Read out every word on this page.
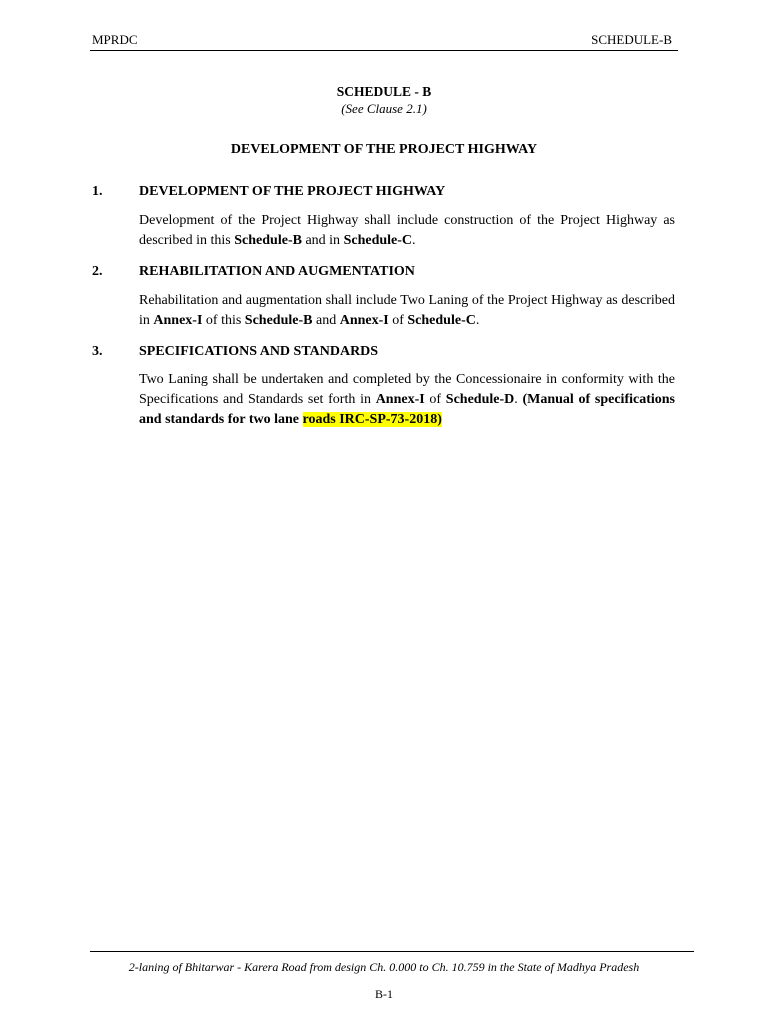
MPRDC	SCHEDULE-B
SCHEDULE - B
(See Clause 2.1)
DEVELOPMENT OF THE PROJECT HIGHWAY
1.	DEVELOPMENT OF THE PROJECT HIGHWAY
Development of the Project Highway shall include construction of the Project Highway as described in this Schedule-B and in Schedule-C.
2.	REHABILITATION AND AUGMENTATION
Rehabilitation and augmentation shall include Two Laning of the Project Highway as described in Annex-I of this Schedule-B and Annex-I of Schedule-C.
3.	SPECIFICATIONS AND STANDARDS
Two Laning shall be undertaken and completed by the Concessionaire in conformity with the Specifications and Standards set forth in Annex-I of Schedule-D. (Manual of specifications and standards for two lane roads IRC-SP-73-2018)
2-laning of Bhitarwar - Karera Road from design Ch. 0.000 to Ch. 10.759 in the State of Madhya Pradesh
B-1
